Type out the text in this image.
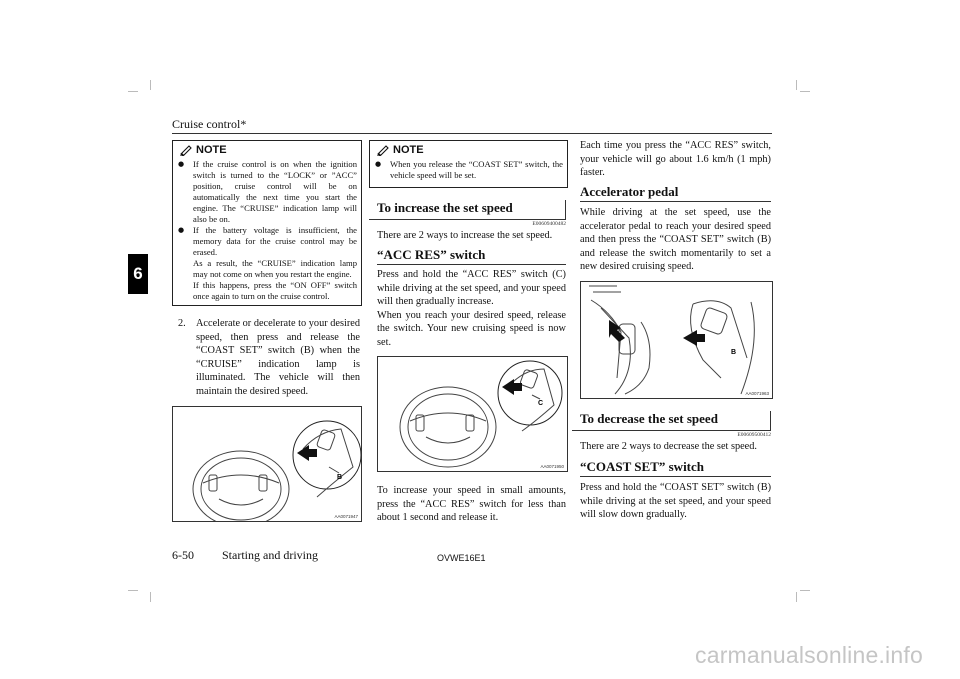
Cruise control*
6
NOTE
● If the cruise control is on when the ignition switch is turned to the “LOCK” or ”ACC” position, cruise control will be on automatically the next time you start the engine. The “CRUISE” indication lamp will also be on.

● If the battery voltage is insufficient, the memory data for the cruise control may be erased.

As a result, the “CRUISE” indication lamp may not come on when you restart the engine.

If this happens, press the “ON OFF” switch once again to turn on the cruise control.

2. Accelerate or decelerate to your desired speed, then press and release the “COAST SET” switch (B) when the “CRUISE” indication lamp is illuminated. The vehicle will then maintain the desired speed.

B
AA0071947
NOTE
● When you release the “COAST SET” switch, the vehicle speed will be set.

To increase the set speed
E00609400482
There are 2 ways to increase the set speed.
“ACC RES” switch

Press and hold the “ACC RES” switch (C) while driving at the set speed, and your speed will then gradually increase.

When you reach your desired speed, release the switch. Your new cruising speed is now set.

C
AA0071950
To increase your speed in small amounts, press the “ACC RES” switch for less than about 1 second and release it.
Each time you press the “ACC RES” switch, your vehicle will go about 1.6 km/h (1 mph) faster.
Accelerator pedal
While driving at the set speed, use the accelerator pedal to reach your desired speed and then press the “COAST SET” switch (B) and release the switch momentarily to set a new desired cruising speed.
B
AA0071963
To decrease the set speed
E00609500412
There are 2 ways to decrease the set speed.
“COAST SET” switch
Press and hold the “COAST SET” switch (B) while driving at the set speed, and your speed will slow down gradually.
6-50 Starting and driving	OVWE16E1
carmanualsonline.info
